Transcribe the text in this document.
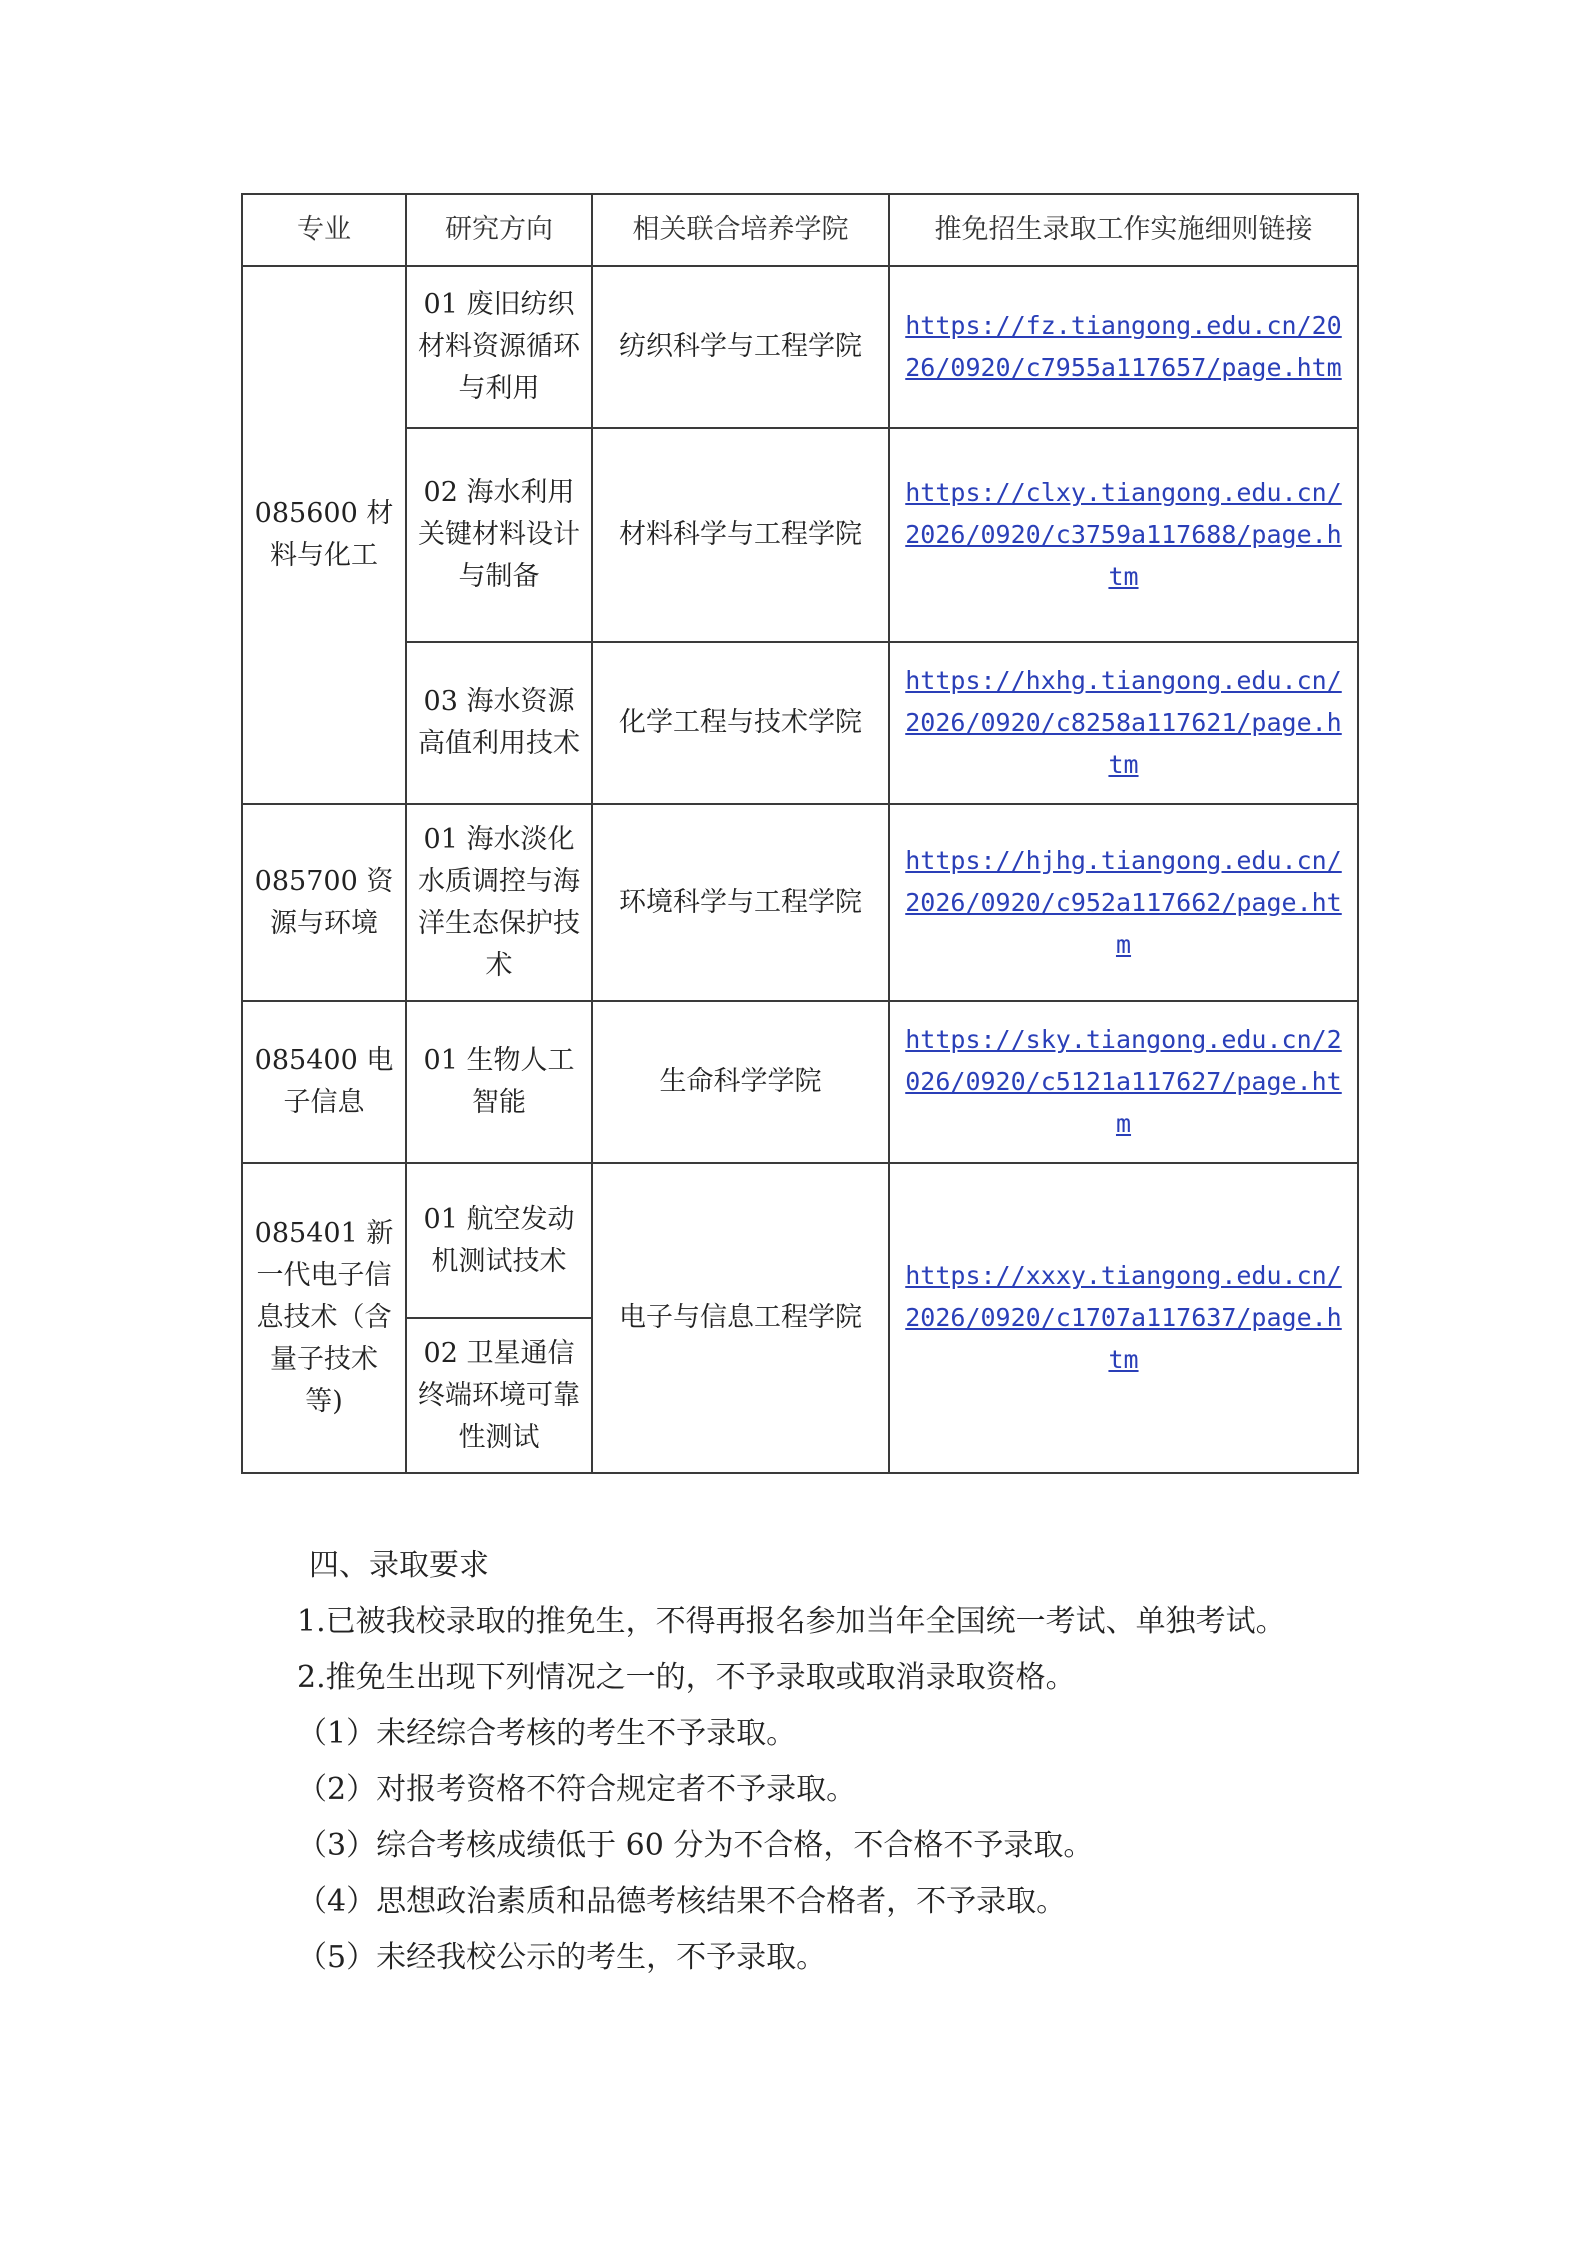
专业	研究方向	相关联合培养学院	推免招生录取工作实施细则链接
085600 材料与化工	01 废旧纺织材料资源循环与利用	纺织科学与工程学院	https://fz.tiangong.edu.cn/2026/0920/c7955a117657/page.htm
	02 海水利用关键材料设计与制备	材料科学与工程学院	https://clxy.tiangong.edu.cn/2026/0920/c3759a117688/page.htm
	03 海水资源高值利用技术	化学工程与技术学院	https://hxhg.tiangong.edu.cn/2026/0920/c8258a117621/page.htm
085700 资源与环境	01 海水淡化水质调控与海洋生态保护技术	环境科学与工程学院	https://hjhg.tiangong.edu.cn/2026/0920/c952a117662/page.htm
085400 电子信息	01 生物人工智能	生命科学学院	https://sky.tiangong.edu.cn/2026/0920/c5121a117627/page.htm
085401 新一代电子信息技术（含量子技术等)	01 航空发动机测试技术	电子与信息工程学院	https://xxxy.tiangong.edu.cn/2026/0920/c1707a117637/page.htm
	02 卫星通信终端环境可靠性测试		
四、录取要求
1.已被我校录取的推免生，不得再报名参加当年全国统一考试、单独考试。
2.推免生出现下列情况之一的，不予录取或取消录取资格。
（1）未经综合考核的考生不予录取。
（2）对报考资格不符合规定者不予录取。
（3）综合考核成绩低于 60 分为不合格，不合格不予录取。
（4）思想政治素质和品德考核结果不合格者，不予录取。
（5）未经我校公示的考生，不予录取。
